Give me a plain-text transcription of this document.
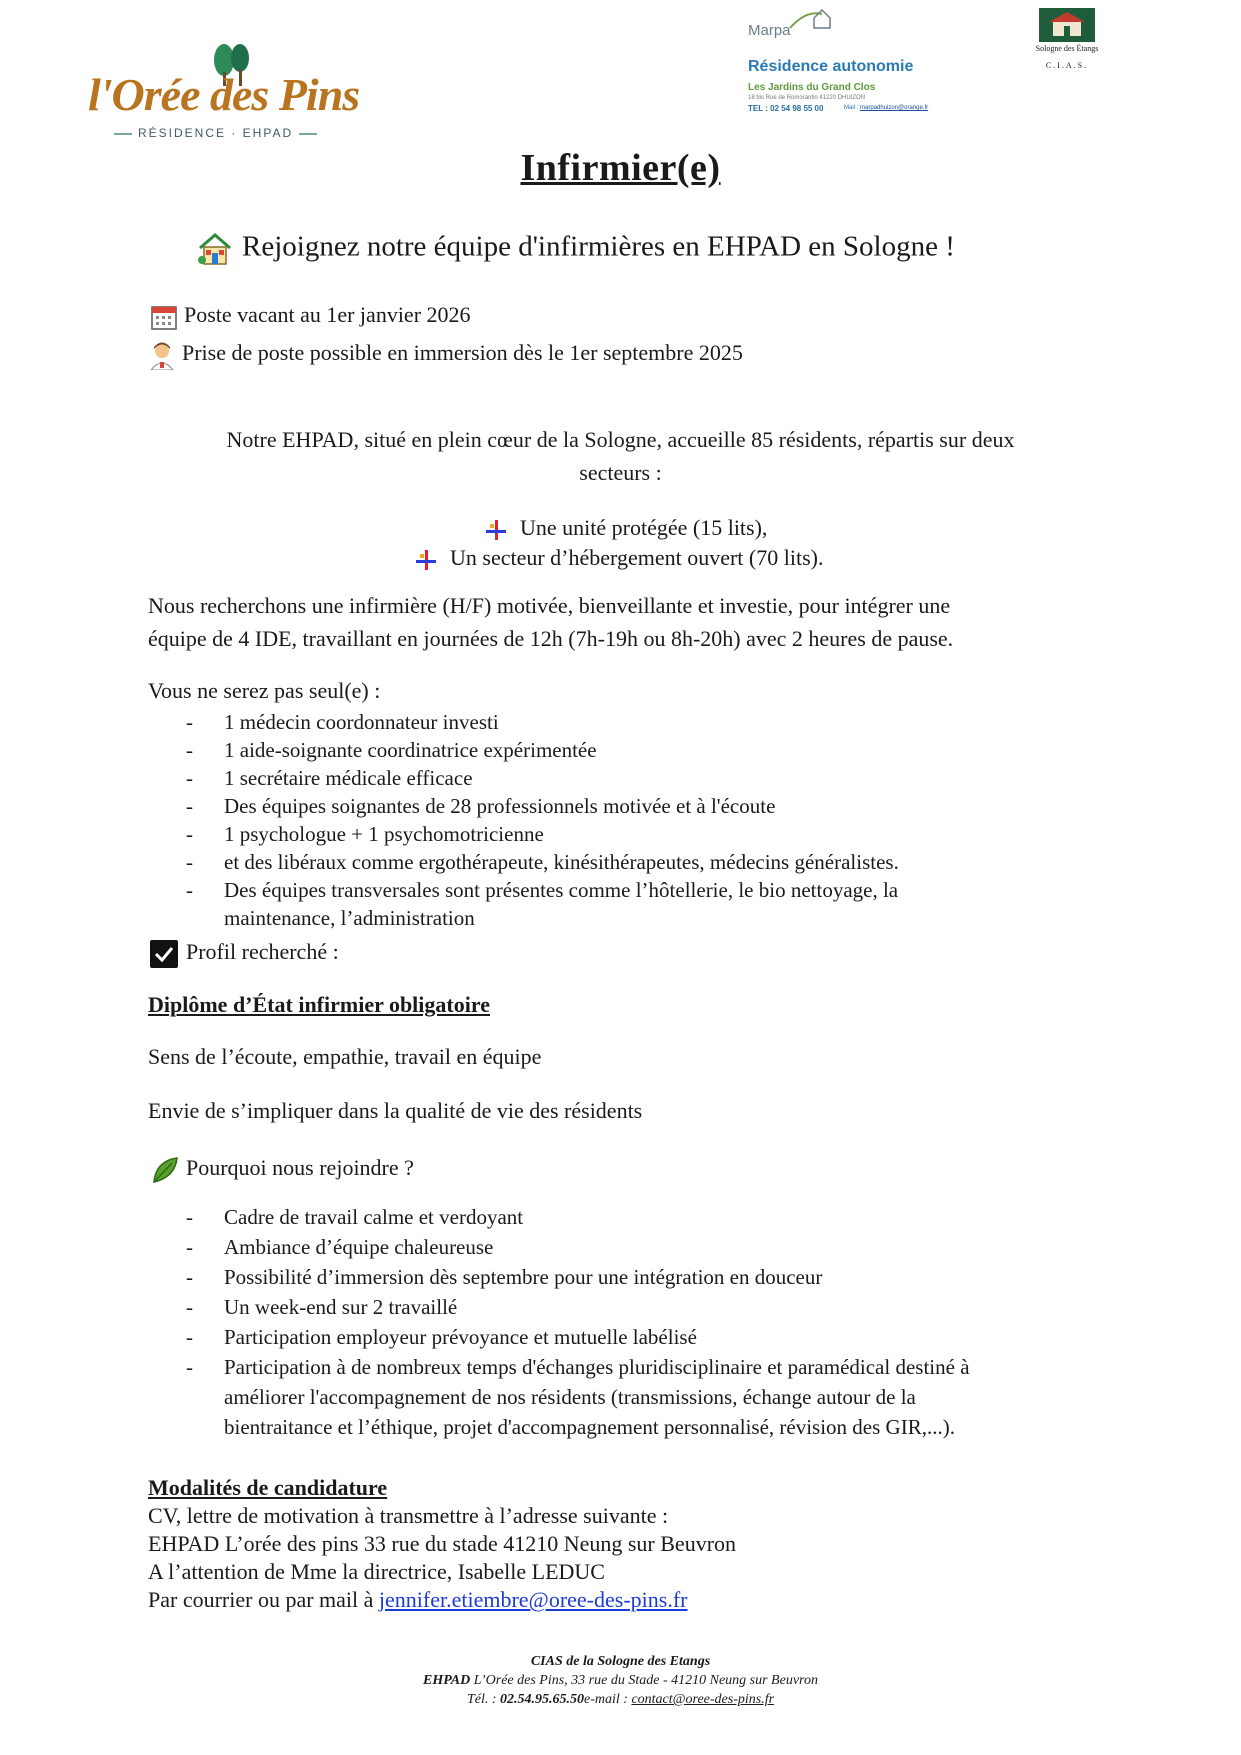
l'Orée des Pins
RÉSIDENCE · EHPAD
Marpa
Résidence autonomie
Les Jardins du Grand Clos
18 bis Rue de Romorantin 41220 DHUIZON
TEL : 02 54 98 55 00	Mail : marpadhuizon@orange.fr
Sologne des Étangs
C.I.A.S.
Infirmier(e)
Rejoignez notre équipe d'infirmières en EHPAD en Sologne !
Poste vacant au 1er janvier 2026
Prise de poste possible en immersion dès le 1er septembre 2025
Notre EHPAD, situé en plein cœur de la Sologne, accueille 85 résidents, répartis sur deux
secteurs :
Une unité protégée (15 lits),
Un secteur d’hébergement ouvert (70 lits).
Nous recherchons une infirmière (H/F) motivée, bienveillante et investie, pour intégrer une
équipe de 4 IDE, travaillant en journées de 12h (7h-19h ou 8h-20h) avec 2 heures de pause.
Vous ne serez pas seul(e) :
- 1 médecin coordonnateur investi
- 1 aide-soignante coordinatrice expérimentée
- 1 secrétaire médicale efficace
- Des équipes soignantes de 28 professionnels motivée et à l'écoute
- 1 psychologue + 1 psychomotricienne
- et des libéraux comme ergothérapeute, kinésithérapeutes, médecins généralistes.
- Des équipes transversales sont présentes comme l’hôtellerie, le bio nettoyage, la
maintenance, l’administration
Profil recherché :
Diplôme d’État infirmier obligatoire
Sens de l’écoute, empathie, travail en équipe
Envie de s’impliquer dans la qualité de vie des résidents
Pourquoi nous rejoindre ?
- Cadre de travail calme et verdoyant
- Ambiance d’équipe chaleureuse
- Possibilité d’immersion dès septembre pour une intégration en douceur
- Un week-end sur 2 travaillé
- Participation employeur prévoyance et mutuelle labélisé
- Participation à de nombreux temps d'échanges pluridisciplinaire et paramédical destiné à
améliorer l'accompagnement de nos résidents (transmissions, échange autour de la
bientraitance et l’éthique, projet d'accompagnement personnalisé, révision des GIR,...).
Modalités de candidature
CV, lettre de motivation à transmettre à l’adresse suivante :
EHPAD L’orée des pins 33 rue du stade 41210 Neung sur Beuvron
A l’attention de Mme la directrice, Isabelle LEDUC
Par courrier ou par mail à jennifer.etiembre@oree-des-pins.fr
CIAS de la Sologne des Etangs
EHPAD L’Orée des Pins, 33 rue du Stade - 41210 Neung sur Beuvron
Tél. : 02.54.95.65.50e-mail : contact@oree-des-pins.fr
